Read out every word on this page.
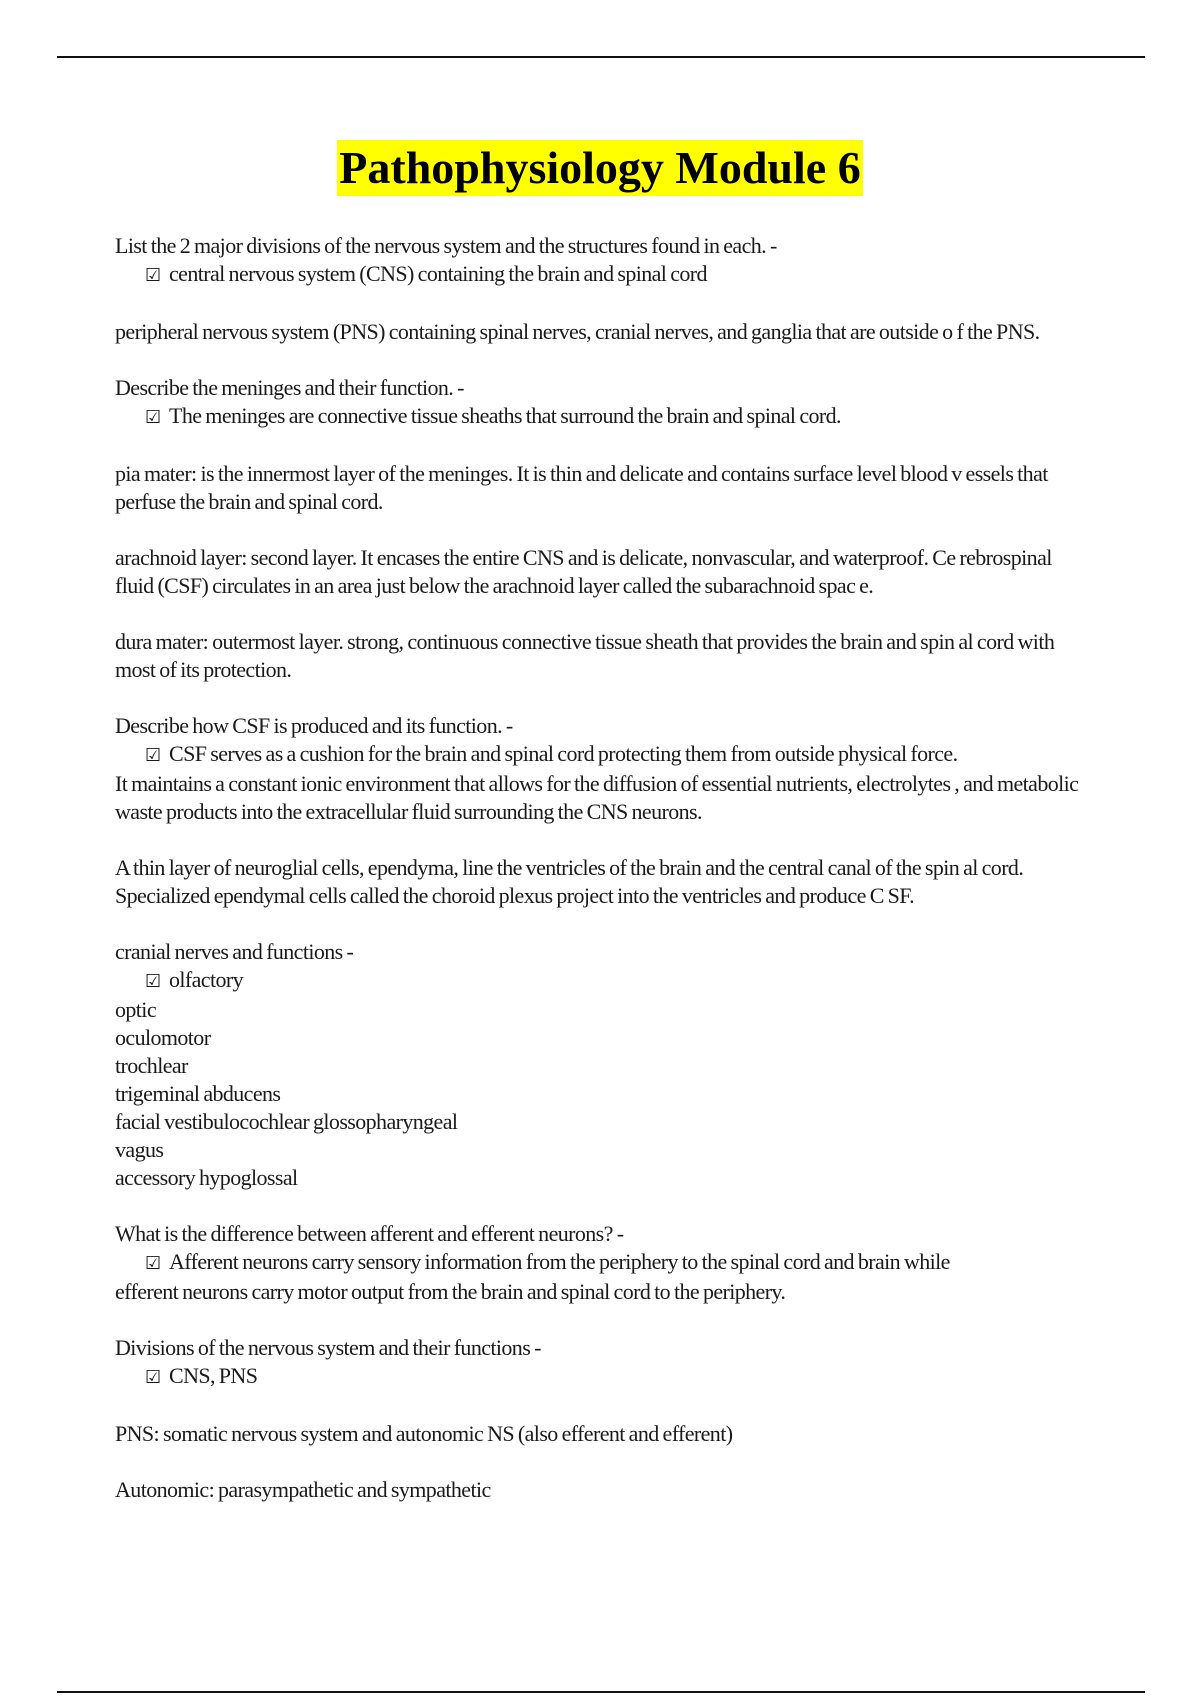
Pathophysiology Module 6
List the 2 major divisions of the nervous system and the structures found in each. -
☑ central nervous system (CNS) containing the brain and spinal cord
peripheral nervous system (PNS) containing spinal nerves, cranial nerves, and ganglia that are outside o f the PNS.
Describe the meninges and their function. -
☑ The meninges are connective tissue sheaths that surround the brain and spinal cord.
pia mater: is the innermost layer of the meninges. It is thin and delicate and contains surface level blood v essels that perfuse the brain and spinal cord.
arachnoid layer: second layer. It encases the entire CNS and is delicate, nonvascular, and waterproof. Ce rebrospinal fluid (CSF) circulates in an area just below the arachnoid layer called the subarachnoid spac e.
dura mater: outermost layer. strong, continuous connective tissue sheath that provides the brain and spin al cord with most of its protection.
Describe how CSF is produced and its function. -
☑ CSF serves as a cushion for the brain and spinal cord protecting them from outside physical force.
It maintains a constant ionic environment that allows for the diffusion of essential nutrients, electrolytes , and metabolic waste products into the extracellular fluid surrounding the CNS neurons.
A thin layer of neuroglial cells, ependyma, line the ventricles of the brain and the central canal of the spin al cord. Specialized ependymal cells called the choroid plexus project into the ventricles and produce C SF.
cranial nerves and functions -
☑ olfactory
optic
oculomotor
trochlear
trigeminal abducens
facial vestibulocochlear glossopharyngeal
vagus
accessory hypoglossal
What is the difference between afferent and efferent neurons? -
☑ Afferent neurons carry sensory information from the periphery to the spinal cord and brain while
efferent neurons carry motor output from the brain and spinal cord to the periphery.
Divisions of the nervous system and their functions -
☑ CNS, PNS
PNS: somatic nervous system and autonomic NS (also efferent and efferent)
Autonomic: parasympathetic and sympathetic
